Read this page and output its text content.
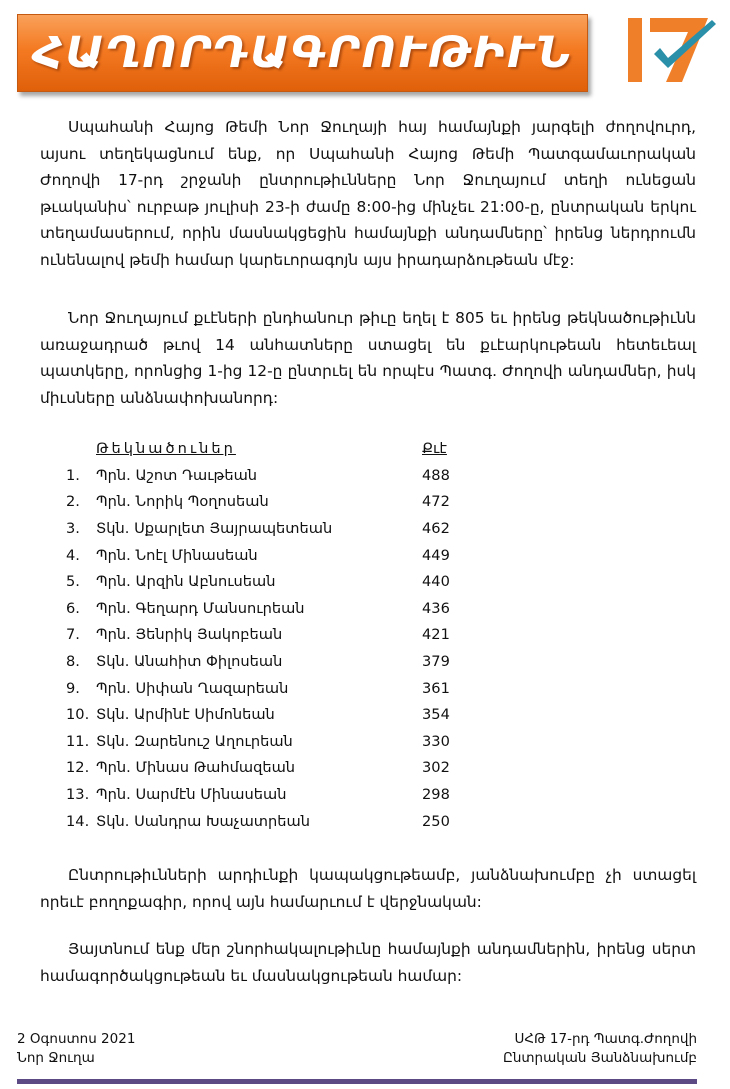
ՀԱՂՈՐԴԱԳՐՈՒԹԻՒՆ
17

Սպահանի Հայոց Թեմի Նոր Ջուղայի հայ համայնքի յարգելի ժողովուրդ, այսու տեղեկացնում ենք, որ Սպահանի Հայոց Թեմի Պատգամաւորական Ժողովի 17-րդ շրջանի ընտրութիւնները Նոր Ջուղայում տեղի ունեցան թւականիս՝ ուրբաթ յուլիսի 23-ի ժամը 8:00-ից մինչեւ 21:00-ը, ընտրական երկու տեղամասերում, որին մասնակցեցին համայնքի անդամները՝ իրենց ներդրումն ունենալով թեմի համար կարեւորագոյն այս իրադարձութեան մէջ:

Նոր Ջուղայում քւէների ընդհանուր թիւը եղել է 805 եւ իրենց թեկնածութիւնն առաջադրած թւով 14 անհատները ստացել են քւէարկութեան հետեւեալ պատկերը, որոնցից 1-ից 12-ը ընտրւել են որպէս Պատգ. Ժողովի անդամներ, իսկ միւսները անձնափոխանորդ:

Թեկնածուներ	Քւէ
1.	Պրն. Աշոտ Դաւթեան	488
2.	Պրն. Նորիկ Պօղոսեան	472
3.	Տկն. Սքարլետ Յայրապետեան	462
4.	Պրն. Նոէլ Մինասեան	449
5.	Պրն. Արզին Աբնուսեան	440
6.	Պրն. Գեղարդ Մանսուրեան	436
7.	Պրն. Յենրիկ Յակոբեան	421
8.	Տկն. Անահիտ Փիլոսեան	379
9.	Պրն. Սիփան Ղազարեան	361
10. Տկն. Արմինէ Սիմոնեան	354
11. Տկն. Զարենուշ Աղուրեան	330
12. Պրն. Մինաս Թահմազեան	302
13. Պրն. Սարմէն Մինասեան	298
14. Տկն. Սանդրա Խաչատրեան	250

Ընտրութիւնների արդիւնքի կապակցութեամբ, յանձնախումբը չի ստացել որեւէ բողոքագիր, որով այն համարւում է վերջնական:

Յայտնում ենք մեր շնորհակալութիւնը համայնքի անդամներին, իրենց սերտ համագործակցութեան եւ մասնակցութեան համար:

2 Օգոստոս 2021
Նոր Ջուղա
ՍՀԹ 17-րդ Պատգ.Ժողովի
Ընտրական Յանձնախումբ
